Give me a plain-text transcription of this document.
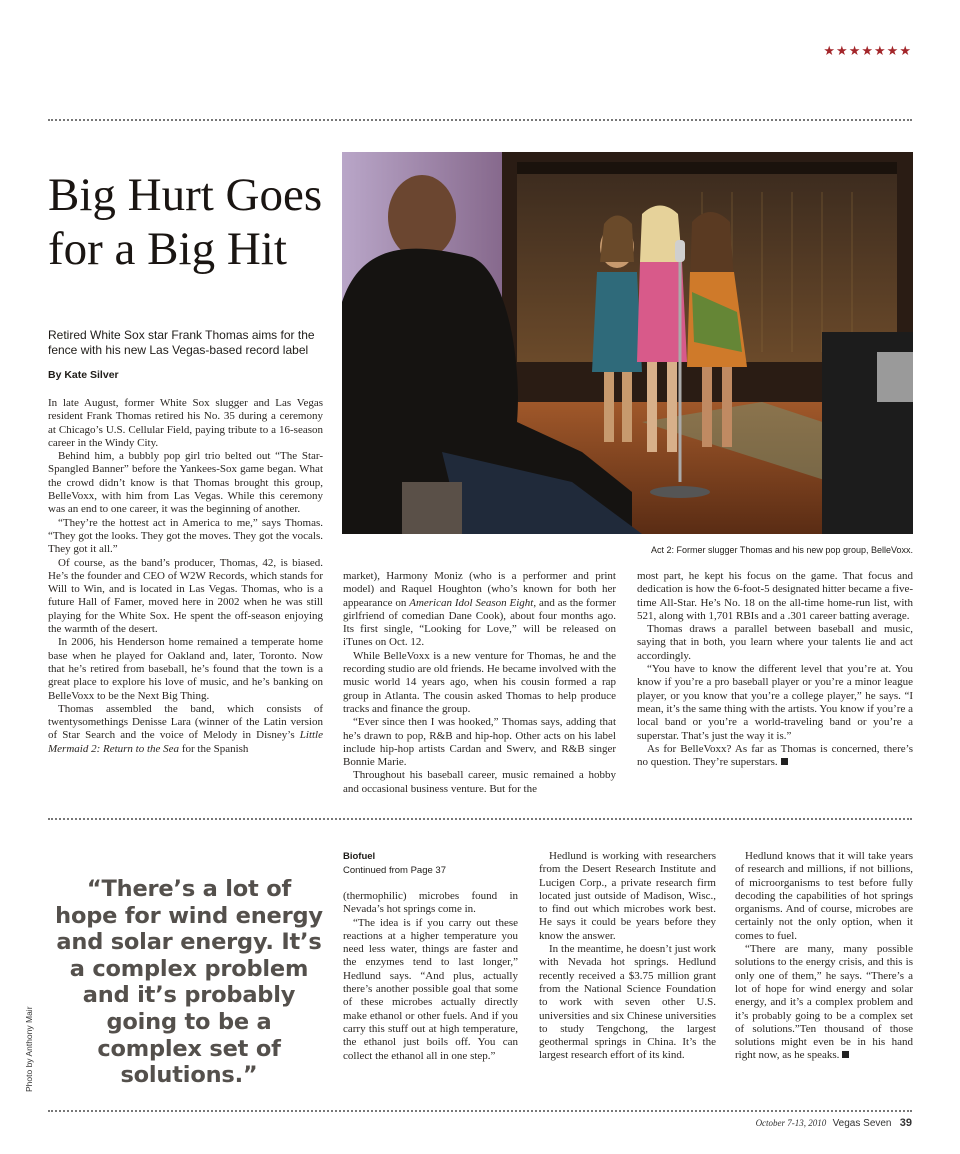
★★★★★★★
Big Hurt Goes for a Big Hit
Retired White Sox star Frank Thomas aims for the fence with his new Las Vegas-based record label
By Kate Silver

In late August, former White Sox slugger and Las Vegas resident Frank Thomas retired his No. 35 during a ceremony at Chicago’s U.S. Cellular Field, paying tribute to a 16-season career in the Windy City.

Behind him, a bubbly pop girl trio belted out “The Star-Spangled Banner” before the Yankees-Sox game began. What the crowd didn’t know is that Thomas brought this group, BelleVoxx, with him from Las Vegas. While this ceremony was an end to one career, it was the beginning of another.

“They’re the hottest act in America to me,” says Thomas. “They got the looks. They got the moves. They got the vocals. They got it all.”

Of course, as the band’s producer, Thomas, 42, is biased. He’s the founder and CEO of W2W Records, which stands for Will to Win, and is located in Las Vegas. Thomas, who is a future Hall of Famer, moved here in 2002 when he was still playing for the White Sox. He spent the off-season enjoying the warmth of the desert.

In 2006, his Henderson home remained a temperate home base when he played for Oakland and, later, Toronto. Now that he’s retired from baseball, he’s found that the town is a great place to explore his love of music, and he’s banking on BelleVoxx to be the Next Big Thing.

Thomas assembled the band, which consists of twentysomethings Denisse Lara (winner of the Latin version of Star Search and the voice of Melody in Disney’s Little Mermaid 2: Return to the Sea for the Spanish

Act 2: Former slugger Thomas and his new pop group, BelleVoxx.

market), Harmony Moniz (who is a performer and print model) and Raquel Houghton (who’s known for both her appearance on American Idol Season Eight, and as the former girlfriend of comedian Dane Cook), about four months ago. Its first single, “Looking for Love,” will be released on iTunes on Oct. 12.

While BelleVoxx is a new venture for Thomas, he and the recording studio are old friends. He became involved with the music world 14 years ago, when his cousin formed a rap group in Atlanta. The cousin asked Thomas to help produce tracks and finance the group.

“Ever since then I was hooked,” Thomas says, adding that he’s drawn to pop, R&B and hip-hop. Other acts on his label include hip-hop artists Cardan and Swerv, and R&B singer Bonnie Marie.

Throughout his baseball career, music remained a hobby and occasional business venture. But for the

most part, he kept his focus on the game. That focus and dedication is how the 6-foot-5 designated hitter became a five-time All-Star. He’s No. 18 on the all-time home-run list, with 521, along with 1,701 RBIs and a .301 career batting average.

Thomas draws a parallel between baseball and music, saying that in both, you learn where your talents lie and act accordingly.

“You have to know the different level that you’re at. You know if you’re a pro baseball player or you’re a minor league player, or you know that you’re a college player,” he says. “I mean, it’s the same thing with the artists. You know if you’re a local band or you’re a world-traveling band or you’re a superstar. That’s just the way it is.”

As for BelleVoxx? As far as Thomas is concerned, there’s no question. They’re superstars.

“There’s a lot of hope for wind energy and solar energy. It’s a complex problem and it’s probably going to be a complex set of solutions.”
Photo by Anthony Mair
Biofuel
Continued from Page 37

(thermophilic) microbes found in Nevada’s hot springs come in.

“The idea is if you carry out these reactions at a higher temperature you need less water, things are faster and the enzymes tend to last longer,” Hedlund says. “And plus, actually there’s another possible goal that some of these microbes actually directly make ethanol or other fuels. And if you carry this stuff out at high temperature, the ethanol just boils off. You can collect the ethanol all in one step.”

Hedlund is working with researchers from the Desert Research Institute and Lucigen Corp., a private research firm located just outside of Madison, Wisc., to find out which microbes work best. He says it could be years before they know the answer.

In the meantime, he doesn’t just work with Nevada hot springs. Hedlund recently received a $3.75 million grant from the National Science Foundation to work with seven other U.S. universities and six Chinese universities to study Tengchong, the largest geothermal springs in China. It’s the largest research effort of its kind.

Hedlund knows that it will take years of research and millions, if not billions, of microorganisms to test before fully decoding the capabilities of hot springs organisms. And of course, microbes are certainly not the only option, when it comes to fuel.

“There are many, many possible solutions to the energy crisis, and this is only one of them,” he says. “There’s a lot of hope for wind energy and solar energy, and it’s a complex problem and it’s probably going to be a complex set of solutions.”Ten thousand of those solutions might even be in his hand right now, as he speaks.

October 7-13, 2010 Vegas Seven 39
